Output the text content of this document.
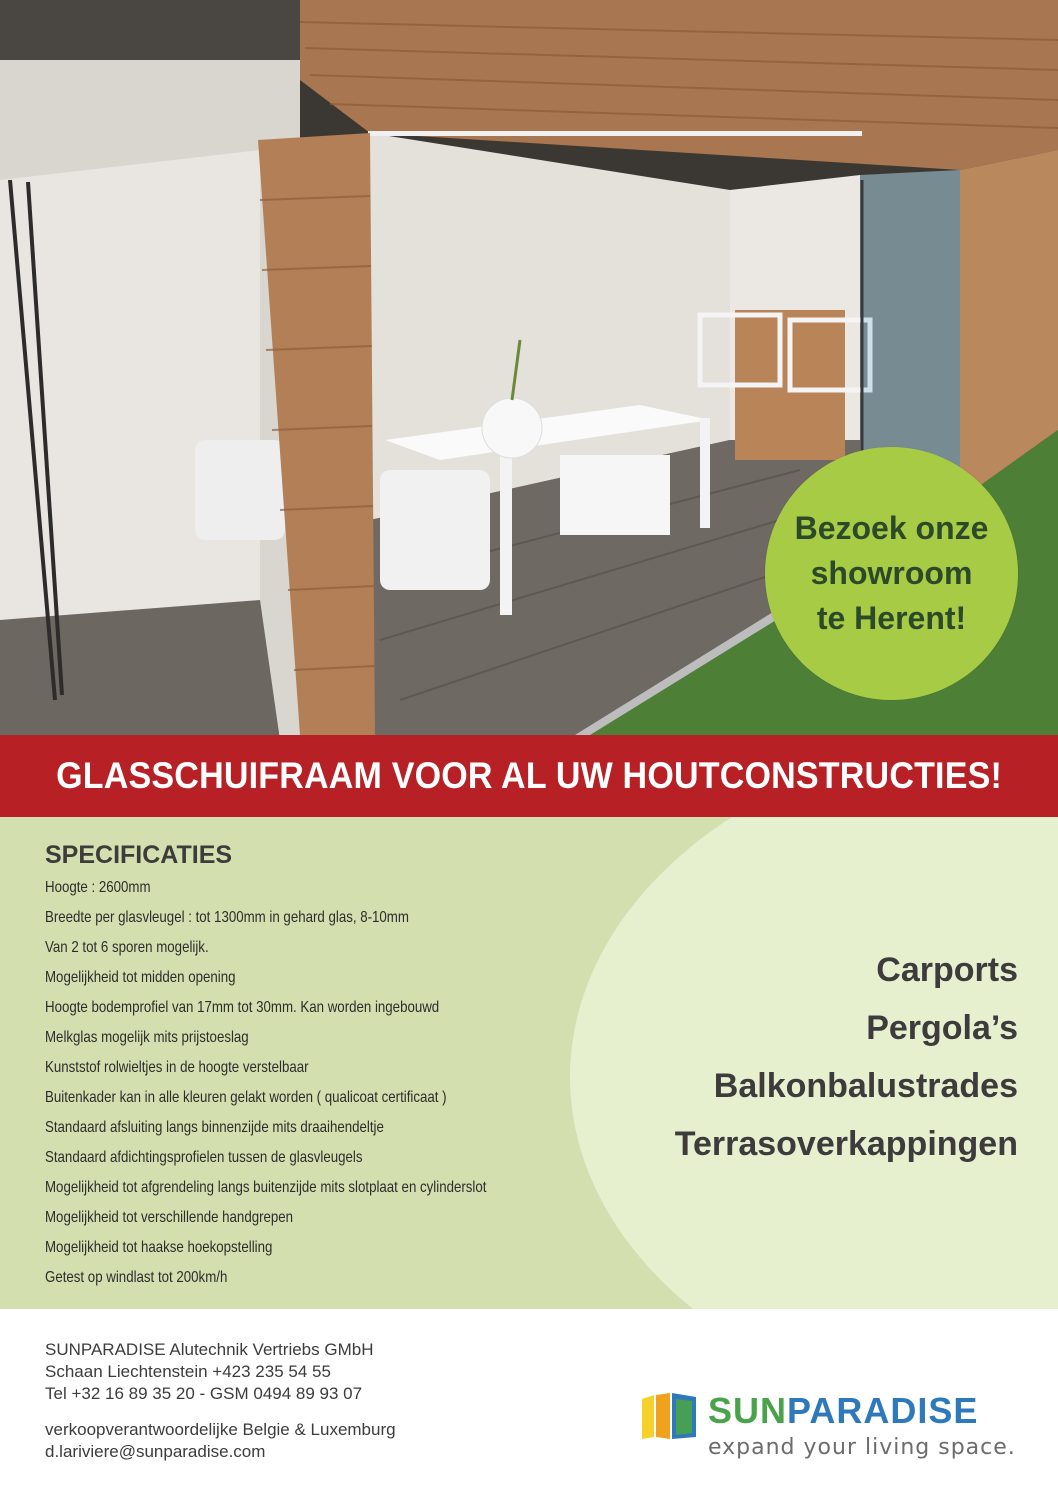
Bezoek onze
showroom
te Herent!
GLASSCHUIFRAAM VOOR AL UW HOUTCONSTRUCTIES!
SPECIFICATIES
Hoogte : 2600mm
Breedte per glasvleugel : tot 1300mm in gehard glas, 8-10mm
Van 2 tot 6 sporen mogelijk.
Mogelijkheid tot midden opening
Hoogte bodemprofiel van 17mm tot 30mm. Kan worden ingebouwd
Melkglas mogelijk mits prijstoeslag
Kunststof rolwieltjes in de hoogte verstelbaar
Buitenkader kan in alle kleuren gelakt worden ( qualicoat certificaat )
Standaard afsluiting langs binnenzijde mits draaihendeltje
Standaard afdichtingsprofielen tussen de glasvleugels
Mogelijkheid tot afgrendeling langs buitenzijde mits slotplaat en cylinderslot
Mogelijkheid tot verschillende handgrepen
Mogelijkheid tot haakse hoekopstelling
Getest op windlast tot 200km/h
Carports
Pergola’s
Balkonbalustrades
Terrasoverkappingen
SUNPARADISE Alutechnik Vertriebs GMbH
Schaan Liechtenstein +423 235 54 55
Tel +32 16 89 35 20 - GSM 0494 89 93 07
verkoopverantwoordelijke Belgie & Luxemburg
d.lariviere@sunparadise.com
SUNPARADISE
expand your living space.
